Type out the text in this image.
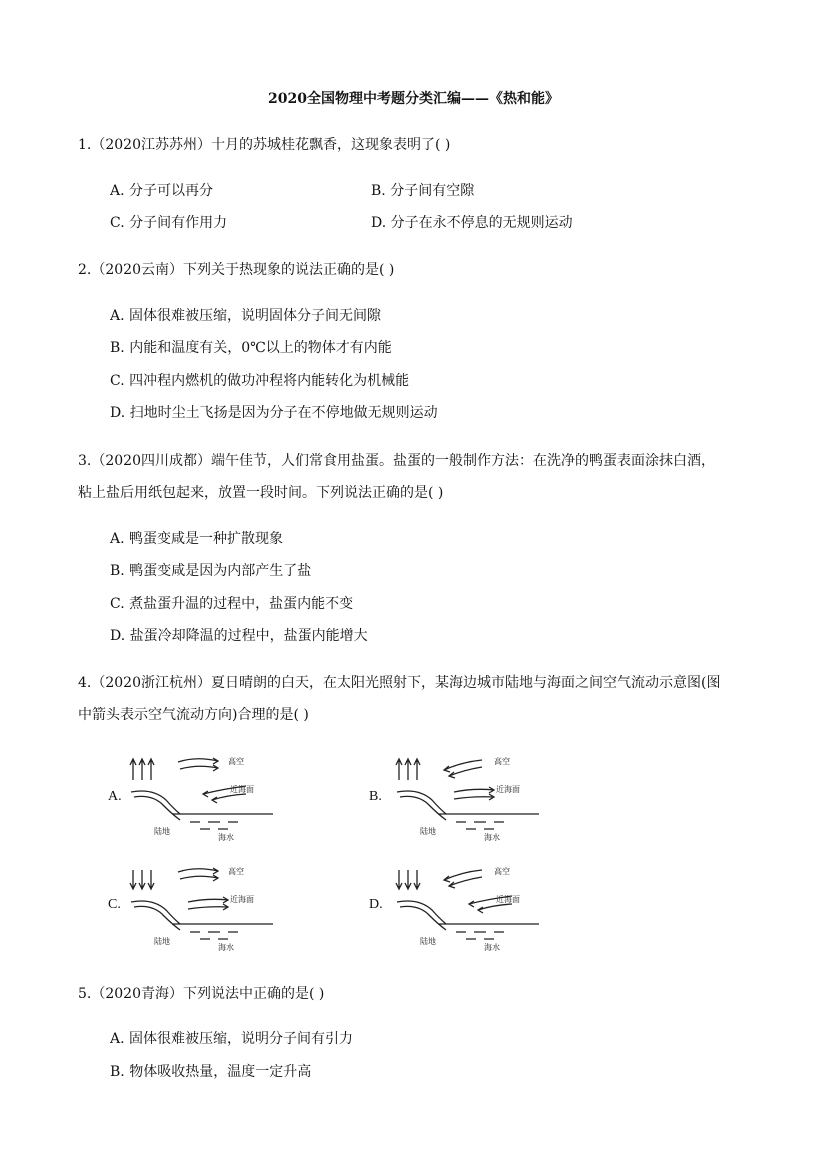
2020全国物理中考题分类汇编——《热和能》
1.（2020江苏苏州）十月的苏城桂花飘香，这现象表明了( )
A. 分子可以再分	B. 分子间有空隙
C. 分子间有作用力	D. 分子在永不停息的无规则运动
2.（2020云南）下列关于热现象的说法正确的是( )
A. 固体很难被压缩，说明固体分子间无间隙
B. 内能和温度有关，0℃以上的物体才有内能
C. 四冲程内燃机的做功冲程将内能转化为机械能
D. 扫地时尘土飞扬是因为分子在不停地做无规则运动
3.（2020四川成都）端午佳节，人们常食用盐蛋。盐蛋的一般制作方法：在洗净的鸭蛋表面涂抹白酒，
粘上盐后用纸包起来，放置一段时间。下列说法正确的是( )
A. 鸭蛋变咸是一种扩散现象
B. 鸭蛋变咸是因为内部产生了盐
C. 煮盐蛋升温的过程中，盐蛋内能不变
D. 盐蛋冷却降温的过程中，盐蛋内能增大
4.（2020浙江杭州）夏日晴朗的白天，在太阳光照射下，某海边城市陆地与海面之间空气流动示意图(图
中箭头表示空气流动方向)合理的是( )
A.	B.
C.	D.
高空
近海面
陆地
海水
高空
近海面
陆地
海水
高空
近海面
陆地
海水
高空
近海面
陆地
海水
5.（2020青海）下列说法中正确的是( )
A. 固体很难被压缩，说明分子间有引力
B. 物体吸收热量，温度一定升高
